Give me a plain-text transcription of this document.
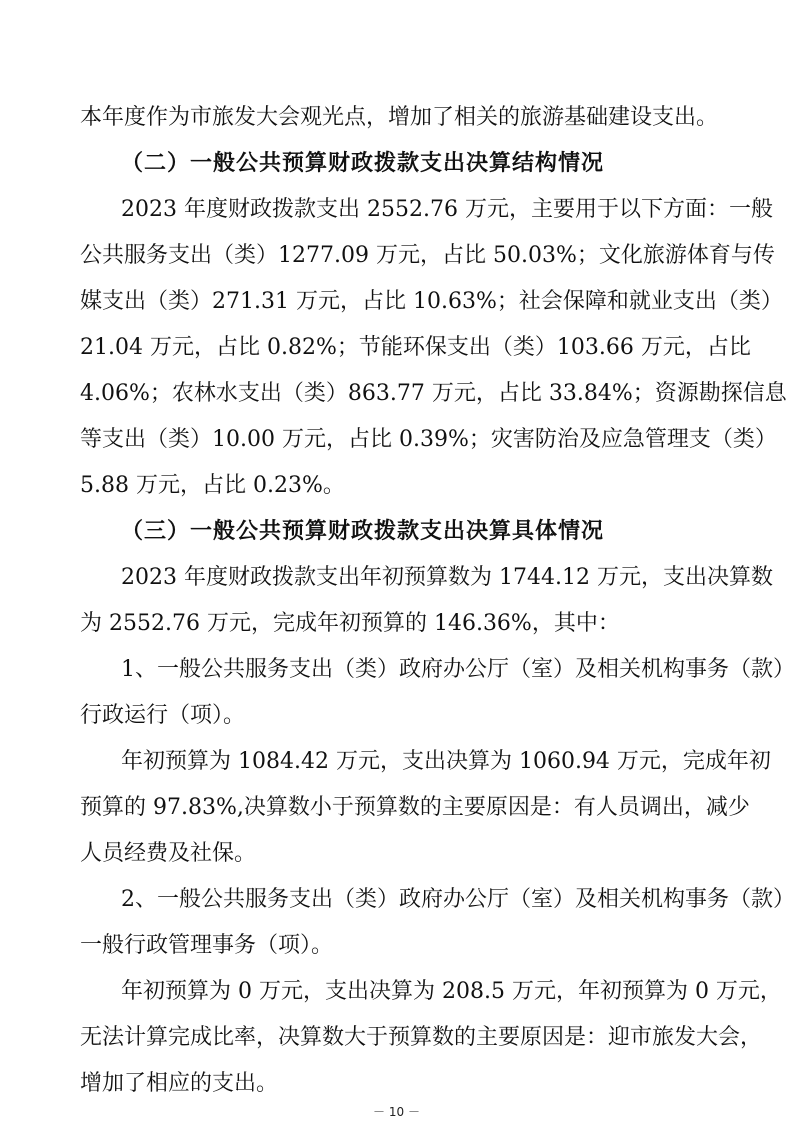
本年度作为市旅发大会观光点，增加了相关的旅游基础建设支出。
（二）一般公共预算财政拨款支出决算结构情况
2023 年度财政拨款支出 2552.76 万元，主要用于以下方面：一般
公共服务支出（类）1277.09 万元，占比 50.03%；文化旅游体育与传
媒支出（类）271.31 万元，占比 10.63%；社会保障和就业支出（类）
21.04 万元，占比 0.82%；节能环保支出（类）103.66 万元，占比
4.06%；农林水支出（类）863.77 万元，占比 33.84%；资源勘探信息
等支出（类）10.00 万元，占比 0.39%；灾害防治及应急管理支（类）
5.88 万元，占比 0.23%。
（三）一般公共预算财政拨款支出决算具体情况
2023 年度财政拨款支出年初预算数为 1744.12 万元，支出决算数
为 2552.76 万元，完成年初预算的 146.36%，其中：
1、一般公共服务支出（类）政府办公厅（室）及相关机构事务（款）
行政运行（项）。
年初预算为 1084.42 万元，支出决算为 1060.94 万元，完成年初
预算的 97.83%,决算数小于预算数的主要原因是：有人员调出，减少
人员经费及社保。
2、一般公共服务支出（类）政府办公厅（室）及相关机构事务（款）
一般行政管理事务（项）。
年初预算为 0 万元，支出决算为 208.5 万元，年初预算为 0 万元，
无法计算完成比率，决算数大于预算数的主要原因是：迎市旅发大会，
增加了相应的支出。
－ 10 －
